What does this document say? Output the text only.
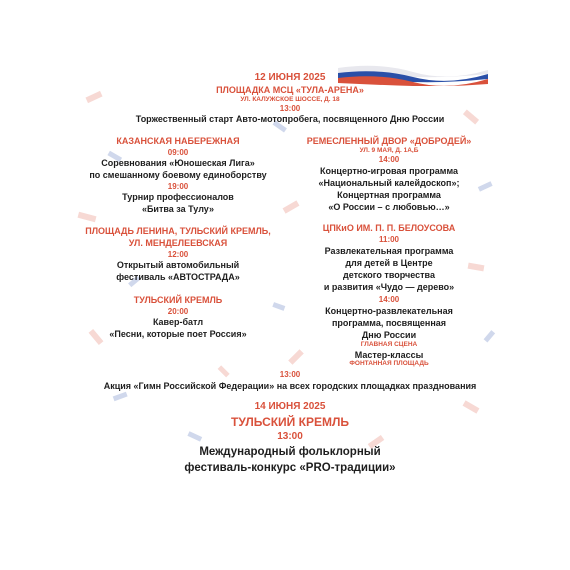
12 ИЮНЯ 2025
ПЛОЩАДКА МСЦ «ТУЛА-АРЕНА»
УЛ. КАЛУЖСКОЕ ШОССЕ, Д. 18
13:00
Торжественный старт Авто-мотопробега, посвященного Дню России
КАЗАНСКАЯ НАБЕРЕЖНАЯ
09:00
Соревнования «Юношеская Лига»
по смешанному боевому единоборству
19:00
Турнир профессионалов
«Битва за Тулу»
ПЛОЩАДЬ ЛЕНИНА, ТУЛЬСКИЙ КРЕМЛЬ,
УЛ. МЕНДЕЛЕЕВСКАЯ
12:00
Открытый автомобильный
фестиваль «АВТОСТРАДА»
ТУЛЬСКИЙ КРЕМЛЬ
20:00
Кавер-батл
«Песни, которые поет Россия»
РЕМЕСЛЕННЫЙ ДВОР «ДОБРОДЕЙ»
УЛ. 9 МАЯ, Д. 1А,Б
14:00
Концертно-игровая программа
«Национальный калейдоскоп»;
Концертная программа
«О России – с любовью…»
ЦПКиО ИМ. П. П. БЕЛОУСОВА
11:00
Развлекательная программа
для детей в Центре
детского творчества
и развития «Чудо — дерево»
14:00
Концертно-развлекательная
программа, посвященная
Дню России
ГЛАВНАЯ СЦЕНА
Мастер-классы
ФОНТАННАЯ ПЛОЩАДЬ
13:00
Акция «Гимн Российской Федерации» на всех городских площадках празднования
14 ИЮНЯ 2025
ТУЛЬСКИЙ КРЕМЛЬ
13:00
Международный фольклорный
фестиваль-конкурс «PRO-традиции»
